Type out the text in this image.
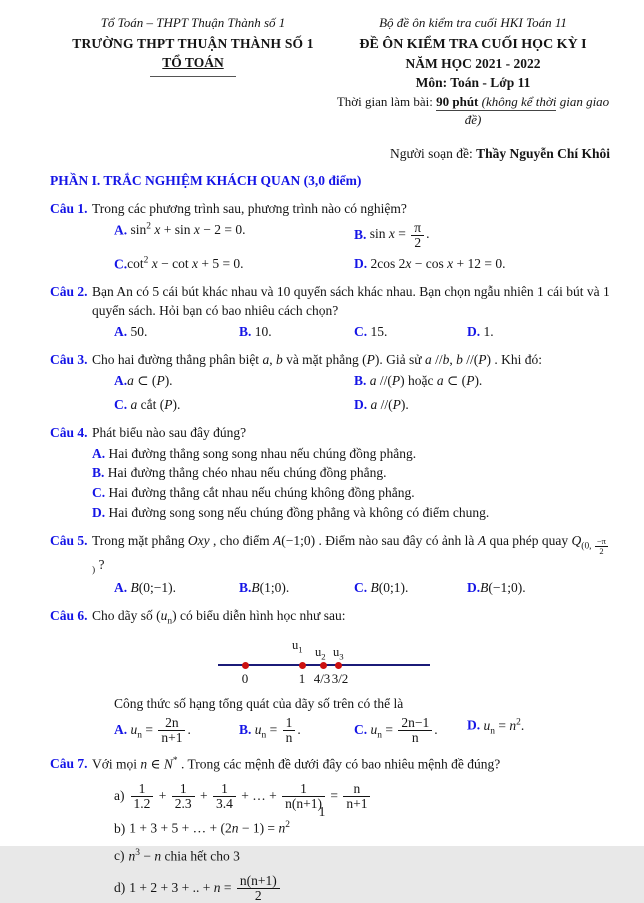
Tổ Toán – THPT Thuận Thành số 1
TRƯỜNG THPT THUẬN THÀNH SỐ 1
TỔ TOÁN
Bộ đề ôn kiểm tra cuối HKI Toán 11
ĐỀ ÔN KIỂM TRA CUỐI HỌC KỲ I
NĂM HỌC 2021 - 2022
Môn: Toán - Lớp 11
Thời gian làm bài: 90 phút (không kể thời gian giao đề)
Người soạn đề: Thầy Nguyễn Chí Khôi
PHẦN I. TRẮC NGHIỆM KHÁCH QUAN (3,0 điểm)
Câu 1. Trong các phương trình sau, phương trình nào có nghiệm?
A. $\sin^2 x + \sin x - 2 = 0$.	B. $\sin x = \frac{\pi}{2}$ .
$C.\cot^2$ x − cot x + 5 = 0.	D. 2cos 2x − cos x + 12 = 0.
Câu 2. Bạn An có 5 cái bút khác nhau và 10 quyển sách khác nhau. Bạn chọn ngẫu nhiên 1 cái bút và 1 quyển sách. Hỏi bạn có bao nhiêu cách chọn?
A. 50.	B. 10.	C. 15.	D. 1.
Câu 3. Cho hai đường thẳng phân biệt a, b và mặt phẳng (P). Giả sử a //b, b //(P) . Khi đó:
A.a ⊂ (P).	B. a //(P) hoặc a ⊂ (P).
C. a cắt (P).	D. a //(P).
Câu 4. Phát biểu nào sau đây đúng?
A. Hai đường thẳng song song nhau nếu chúng đồng phẳng.
B. Hai đường thẳng chéo nhau nếu chúng đồng phẳng.
C. Hai đường thẳng cắt nhau nếu chúng không đồng phẳng.
D. Hai đường song song nếu chúng đồng phẳng và không có điểm chung.
Câu 5. Trong mặt phẳng Oxy , cho điểm A(−1;0) . Điểm nào sau đây có ảnh là A qua phép quay $Q_{(0,} \frac{-\pi}{2}$
$_)$ ?
A. B(0;−1).	B.B(1;0).	C. B(0;1).	D.B(−1;0).
Câu 6. Cho dãy số $(u_n)$ có biểu diễn hình học như sau:
$u_1$ $u_2$ $u_3$
0	1 4/3 3/2
Công thức số hạng tổng quát của dãy số trên có thể là
A. $u_n = \frac{2n}{n+1}$ .	B. $u_n = \frac{1}{n}$ .	C. $u_n = \frac{2n-1}{n}$ .	D. $u_n = n^2$.
Câu 7. Với mọi n ∈ N* . Trong các mệnh đề dưới đây có bao nhiêu mệnh đề đúng?
$a) \frac{1}{1.2} + \frac{1}{2.3} + \frac{1}{3.4}$ + … + $\frac{1}{n(n+1)} = \frac{n}{n+1}$
b) 1 + 3 + 5 + … + $(2n - 1) = n^2$
c) $n^3 - n$ chia hết cho 3
d) 1 + 2 + 3 + .. + $n = \frac{n(n+1)}{2}$
1
